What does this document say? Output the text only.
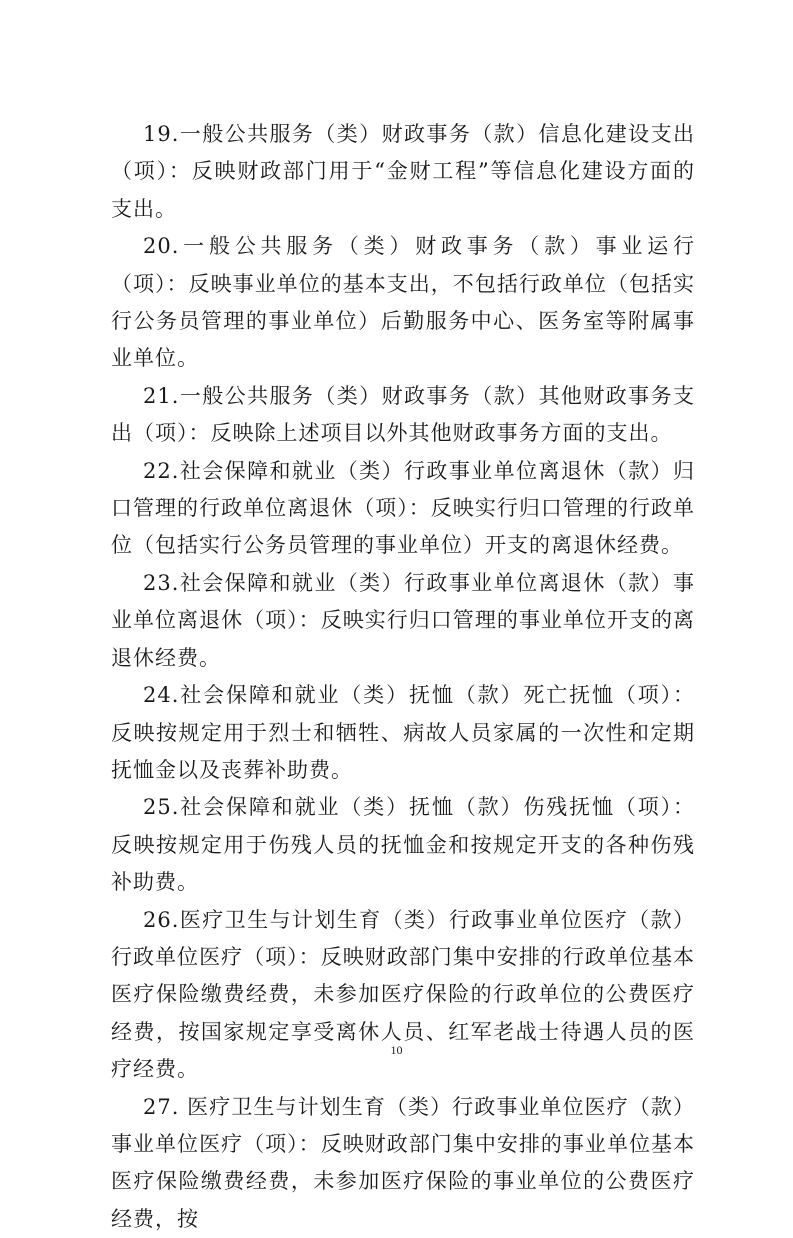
19.一般公共服务（类）财政事务（款）信息化建设支出（项）：反映财政部门用于“金财工程”等信息化建设方面的支出。

20.一般公共服务（类）财政事务（款）事业运行（项）：反映事业单位的基本支出，不包括行政单位（包括实行公务员管理的事业单位）后勤服务中心、医务室等附属事业单位。

21.一般公共服务（类）财政事务（款）其他财政事务支出（项）：反映除上述项目以外其他财政事务方面的支出。

22.社会保障和就业（类）行政事业单位离退休（款）归口管理的行政单位离退休（项）：反映实行归口管理的行政单位（包括实行公务员管理的事业单位）开支的离退休经费。

23.社会保障和就业（类）行政事业单位离退休（款）事业单位离退休（项）：反映实行归口管理的事业单位开支的离退休经费。

24.社会保障和就业（类）抚恤（款）死亡抚恤（项）：反映按规定用于烈士和牺牲、病故人员家属的一次性和定期抚恤金以及丧葬补助费。

25.社会保障和就业（类）抚恤（款）伤残抚恤（项）：反映按规定用于伤残人员的抚恤金和按规定开支的各种伤残补助费。

26.医疗卫生与计划生育（类）行政事业单位医疗（款）行政单位医疗（项）：反映财政部门集中安排的行政单位基本医疗保险缴费经费，未参加医疗保险的行政单位的公费医疗经费，按国家规定享受离休人员、红军老战士待遇人员的医疗经费。

27. 医疗卫生与计划生育（类）行政事业单位医疗（款）事业单位医疗（项）：反映财政部门集中安排的事业单位基本医疗保险缴费经费，未参加医疗保险的事业单位的公费医疗经费，按

10
